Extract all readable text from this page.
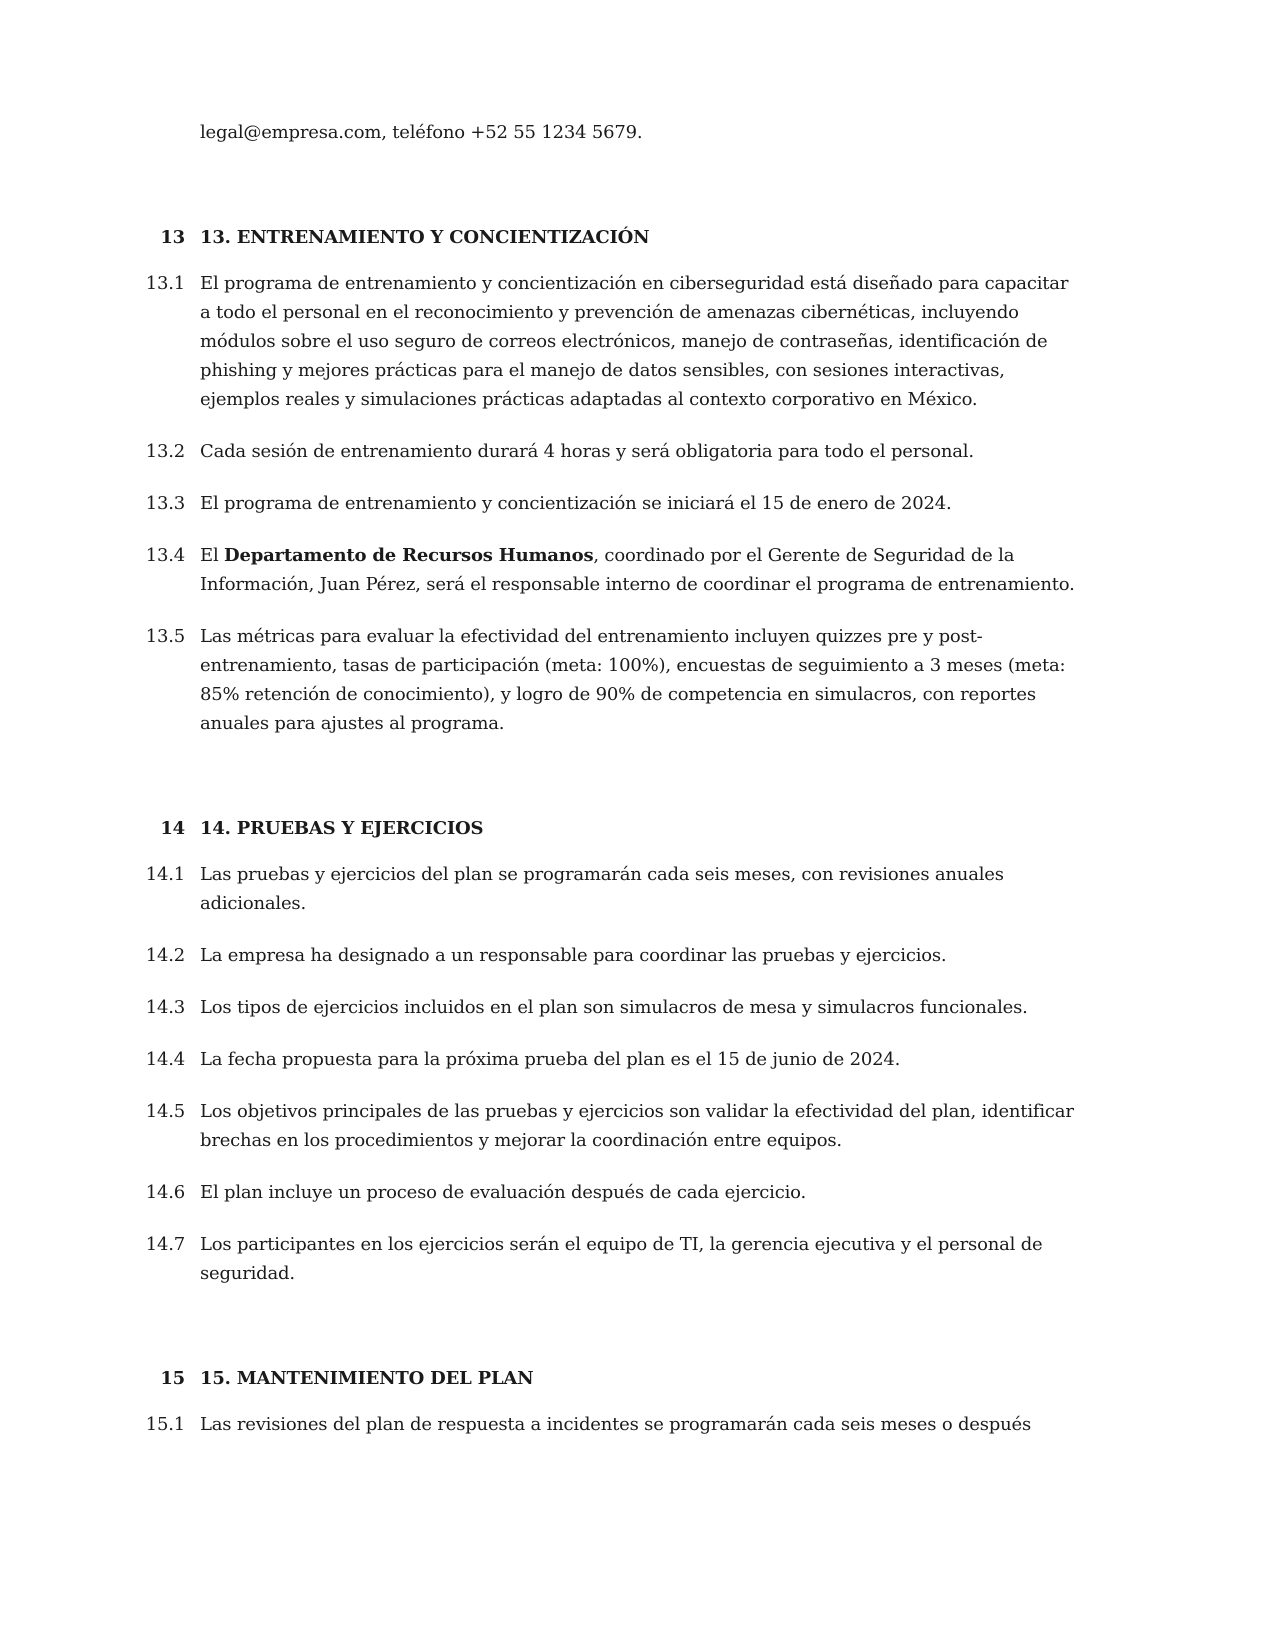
legal@empresa.com, teléfono +52 55 1234 5679.

13 13. ENTRENAMIENTO Y CONCIENTIZACIÓN
13.1 El programa de entrenamiento y concientización en ciberseguridad está diseñado para capacitar a todo el personal en el reconocimiento y prevención de amenazas cibernéticas, incluyendo módulos sobre el uso seguro de correos electrónicos, manejo de contraseñas, identificación de phishing y mejores prácticas para el manejo de datos sensibles, con sesiones interactivas, ejemplos reales y simulaciones prácticas adaptadas al contexto corporativo en México.
13.2 Cada sesión de entrenamiento durará 4 horas y será obligatoria para todo el personal.
13.3 El programa de entrenamiento y concientización se iniciará el 15 de enero de 2024.
13.4 El Departamento de Recursos Humanos, coordinado por el Gerente de Seguridad de la Información, Juan Pérez, será el responsable interno de coordinar el programa de entrenamiento.
13.5 Las métricas para evaluar la efectividad del entrenamiento incluyen quizzes pre y post-entrenamiento, tasas de participación (meta: 100%), encuestas de seguimiento a 3 meses (meta: 85% retención de conocimiento), y logro de 90% de competencia en simulacros, con reportes anuales para ajustes al programa.
14 14. PRUEBAS Y EJERCICIOS
14.1 Las pruebas y ejercicios del plan se programarán cada seis meses, con revisiones anuales adicionales.
14.2 La empresa ha designado a un responsable para coordinar las pruebas y ejercicios.
14.3 Los tipos de ejercicios incluidos en el plan son simulacros de mesa y simulacros funcionales.
14.4 La fecha propuesta para la próxima prueba del plan es el 15 de junio de 2024.
14.5 Los objetivos principales de las pruebas y ejercicios son validar la efectividad del plan, identificar brechas en los procedimientos y mejorar la coordinación entre equipos.
14.6 El plan incluye un proceso de evaluación después de cada ejercicio.
14.7 Los participantes en los ejercicios serán el equipo de TI, la gerencia ejecutiva y el personal de seguridad.
15 15. MANTENIMIENTO DEL PLAN
15.1 Las revisiones del plan de respuesta a incidentes se programarán cada seis meses o después
